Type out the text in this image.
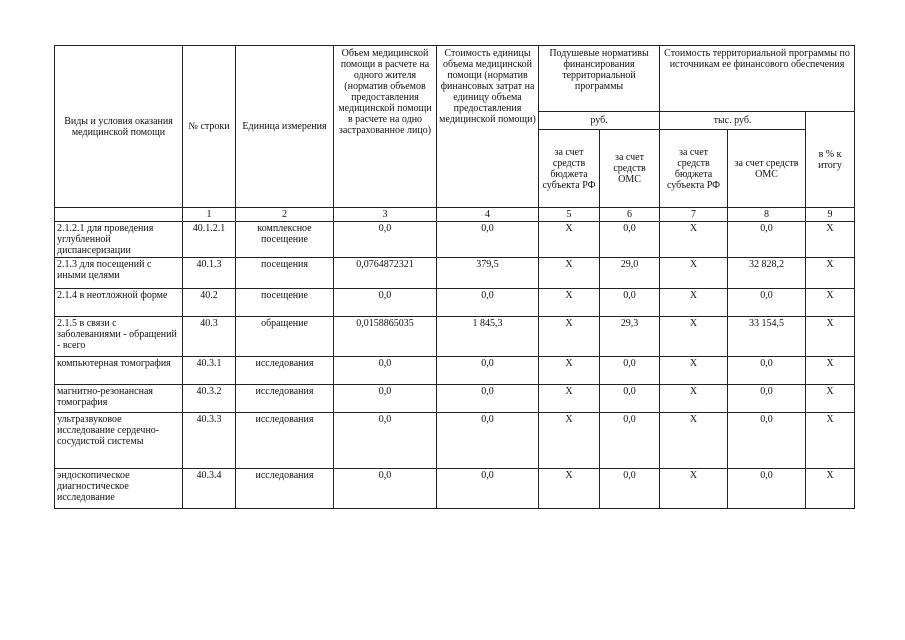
Виды и условия оказания медицинской помощи	№ строки	Единица измерения	Объем медицинской помощи в расчете на одного жителя (норматив объемов предоставления медицинской помощи в расчете на одно застрахованное лицо)	Стоимость единицы объема медицинской помощи (норматив финансовых затрат на единицу объема предоставления медицинской помощи)	Подушевые нормативы финансирования территориальной программы		Стоимость территориальной программы по источникам ее финансового обеспечения		
					руб.		тыс. руб.		в % к итогу
					за счет средств бюджета субъекта РФ	за счет средств ОМС	за счет средств бюджета субъекта РФ	за счет средств ОМС	
	1	2	3	4	5	6	7	8	9
2.1.2.1 для проведения углубленной диспансеризации	40.1.2.1	комплексное посещение	0,0	0,0	Х	0,0	Х	0,0	Х
2.1.3 для посещений с иными целями	40.1.3	посещения	0,0764872321	379,5	Х	29,0	Х	32 828,2	Х
2.1.4 в неотложной форме	40.2	посещение	0,0	0,0	Х	0,0	Х	0,0	Х
2.1.5 в связи с заболеваниями - обращений - всего	40.3	обращение	0,0158865035	1 845,3	Х	29,3	Х	33 154,5	Х
компьютерная томография	40.3.1	исследования	0,0	0,0	Х	0,0	Х	0,0	Х
магнитно-резонансная томография	40.3.2	исследования	0,0	0,0	Х	0,0	Х	0,0	Х
ультразвуковое исследование сердечно-сосудистой системы	40.3.3	исследования	0,0	0,0	Х	0,0	Х	0,0	Х
эндоскопическое диагностическое исследование	40.3.4	исследования	0,0	0,0	Х	0,0	Х	0,0	Х
